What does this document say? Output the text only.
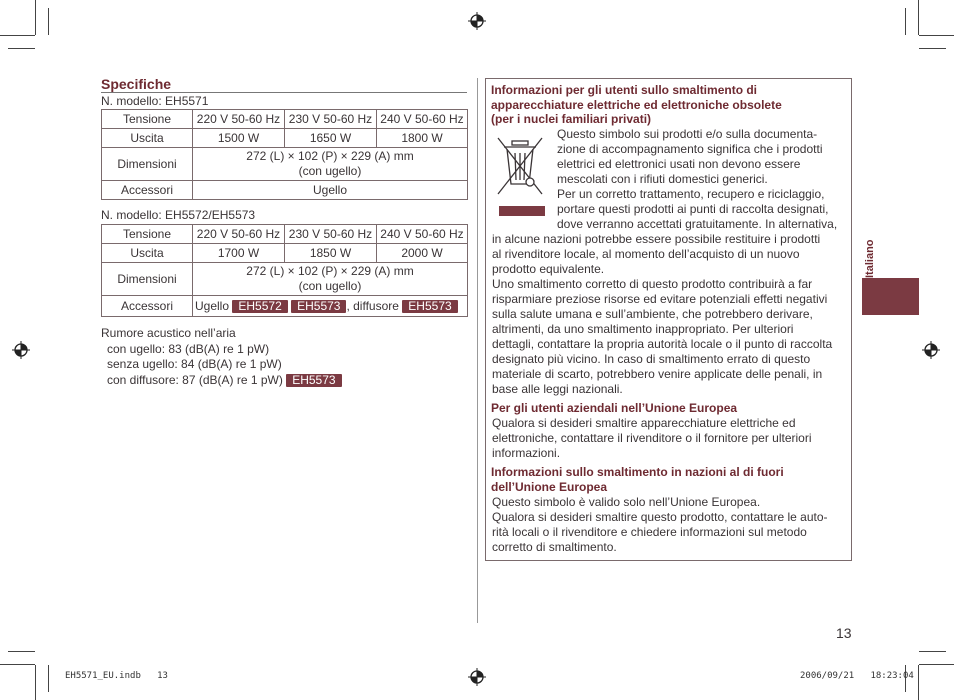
Specifiche
N. modello: EH5571
Tensione	220 V 50-60 Hz	230 V 50-60 Hz	240 V 50-60 Hz
Uscita	1500 W	1650 W	1800 W
Dimensioni	272 (L) × 102 (P) × 229 (A) mm
(con ugello)		

Accessori	Ugello		
N. modello: EH5572/EH5573
Tensione	220 V 50-60 Hz	230 V 50-60 Hz	240 V 50-60 Hz
Uscita	1700 W	1850 W	2000 W
Dimensioni	272 (L) × 102 (P) × 229 (A) mm
(con ugello)		

Accessori	Ugello EH5572 EH5573 , diffusore EH5573		
Rumore acustico nell’aria
con ugello: 83 (dB(A) re 1 pW)
senza ugello: 84 (dB(A) re 1 pW)
con diffusore: 87 (dB(A) re 1 pW) EH5573
Informazioni per gli utenti sullo smaltimento di
apparecchiature elettriche ed elettroniche obsolete
(per i nuclei familiari privati)
Questo simbolo sui prodotti e/o sulla documenta-
zione di accompagnamento significa che i prodotti
elettrici ed elettronici usati non devono essere
mescolati con i rifiuti domestici generici.
Per un corretto trattamento, recupero e riciclaggio,
portare questi prodotti ai punti di raccolta designati,
dove verranno accettati gratuitamente. In alternativa,
in alcune nazioni potrebbe essere possibile restituire i prodotti
al rivenditore locale, al momento dell’acquisto di un nuovo
prodotto equivalente.
Uno smaltimento corretto di questo prodotto contribuirà a far
risparmiare preziose risorse ed evitare potenziali effetti negativi
sulla salute umana e sull’ambiente, che potrebbero derivare,
altrimenti, da uno smaltimento inappropriato. Per ulteriori
dettagli, contattare la propria autorità locale o il punto di raccolta
designato più vicino. In caso di smaltimento errato di questo
materiale di scarto, potrebbero venire applicate delle penali, in
base alle leggi nazionali.
Per gli utenti aziendali nell’Unione Europea
Qualora si desideri smaltire apparecchiature elettriche ed
elettroniche, contattare il rivenditore o il fornitore per ulteriori
informazioni.
Informazioni sullo smaltimento in nazioni al di fuori
dell’Unione Europea
Questo simbolo è valido solo nell’Unione Europea.
Qualora si desideri smaltire questo prodotto, contattare le auto-
rità locali o il rivenditore e chiedere informazioni sul metodo
corretto di smaltimento.
Italiano
13
EH5571_EU.indb   13	2006/09/21   18:23:04
